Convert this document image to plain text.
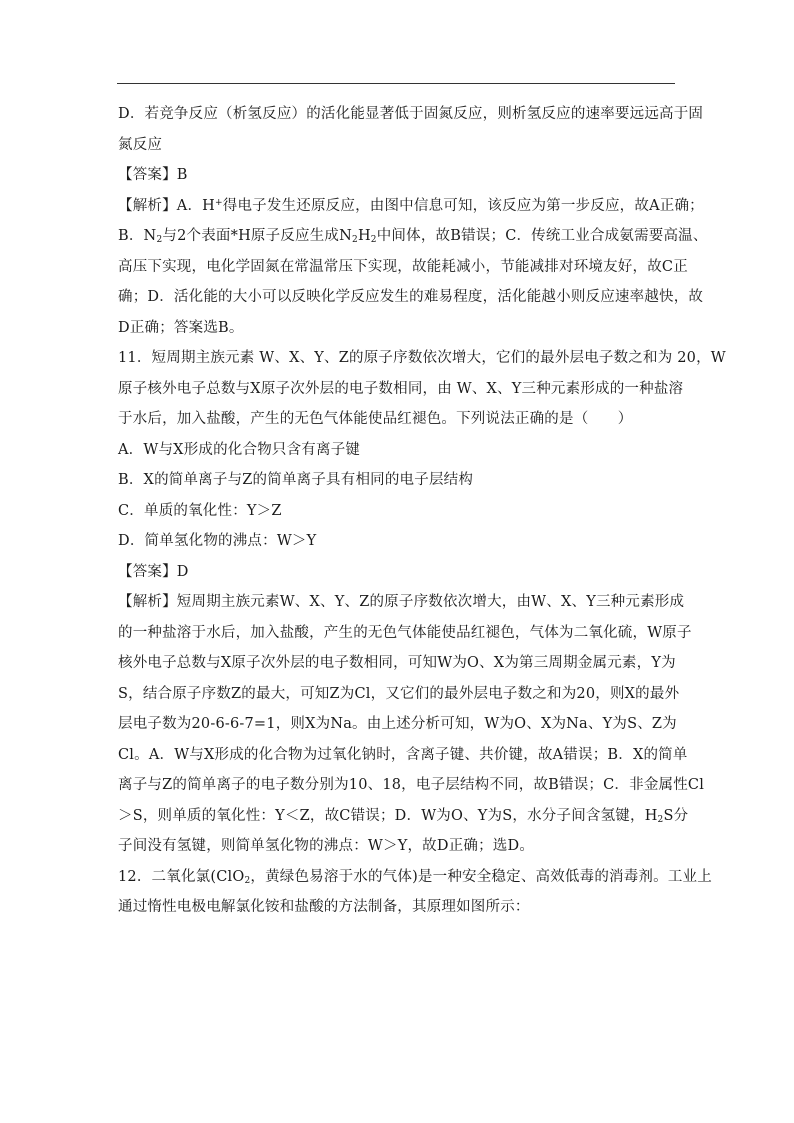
D．若竞争反应（析氢反应）的活化能显著低于固氮反应，则析氢反应的速率要远远高于固
氮反应
【答案】B
【解析】A．H+得电子发生还原反应，由图中信息可知，该反应为第一步反应，故A正确；
B．$N_2$与2个表面*H原子反应生成$N_2H_2$中间体，故B错误；C．传统工业合成氨需要高温、
高压下实现，电化学固氮在常温常压下实现，故能耗减小，节能减排对环境友好，故C正
确；D．活化能的大小可以反映化学反应发生的难易程度，活化能越小则反应速率越快，故
D正确；答案选B。
11．短周期主族元素 W、X、Y、Z的原子序数依次增大，它们的最外层电子数之和为 20，W
原子核外电子总数与X原子次外层的电子数相同，由 W、X、Y三种元素形成的一种盐溶
于水后，加入盐酸，产生的无色气体能使品红褪色。下列说法正确的是（　　）
A．W与X形成的化合物只含有离子键
B．X的简单离子与Z的简单离子具有相同的电子层结构
C．单质的氧化性：Y＞Z
D．简单氢化物的沸点：W＞Y
【答案】D
【解析】短周期主族元素W、X、Y、Z的原子序数依次增大，由W、X、Y三种元素形成
的一种盐溶于水后，加入盐酸，产生的无色气体能使品红褪色，气体为二氧化硫，W原子
核外电子总数与X原子次外层的电子数相同，可知W为O、X为第三周期金属元素，Y为
S，结合原子序数Z的最大，可知Z为Cl，又它们的最外层电子数之和为20，则X的最外
层电子数为20-6-6-7=1，则X为Na。由上述分析可知，W为O、X为Na、Y为S、Z为
Cl。A．W与X形成的化合物为过氧化钠时，含离子键、共价键，故A错误；B．X的简单
离子与Z的简单离子的电子数分别为10、18，电子层结构不同，故B错误；C．非金属性Cl
＞S，则单质的氧化性：Y＜Z，故C错误；D．W为O、Y为S，水分子间含氢键，$H_2S$分
子间没有氢键，则简单氢化物的沸点：W＞Y，故D正确；选D。
12．二氧化氯(ClO$_2$，黄绿色易溶于水的气体)是一种安全稳定、高效低毒的消毒剂。工业上
通过惰性电极电解氯化铵和盐酸的方法制备，其原理如图所示：
